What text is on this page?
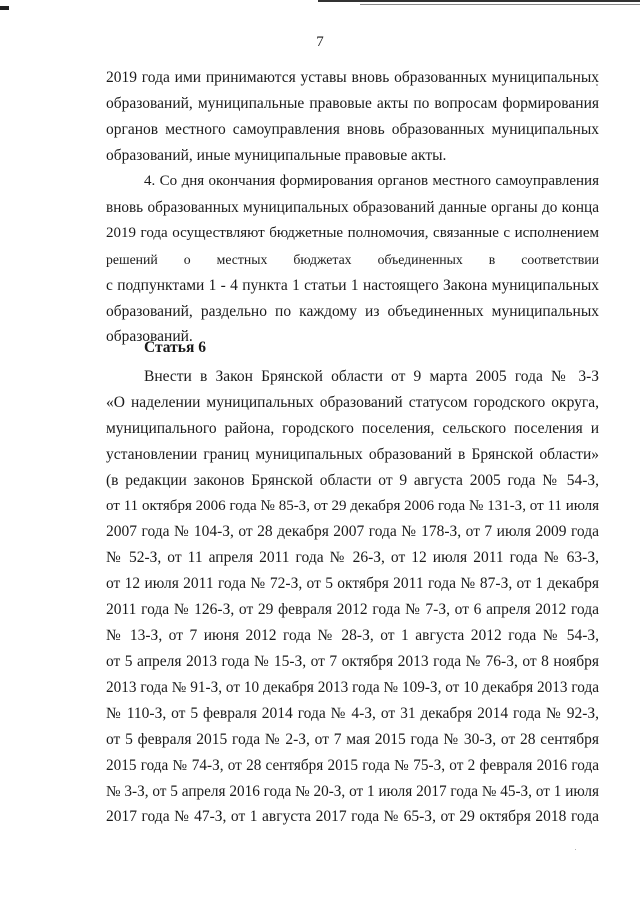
7
2019 года ими принимаются уставы вновь образованных муниципальных
образований, муниципальные правовые акты по вопросам формирования
органов местного самоуправления вновь образованных муниципальных
образований, иные муниципальные правовые акты.
4. Со дня окончания формирования органов местного самоуправления
вновь образованных муниципальных образований данные органы до конца
2019 года осуществляют бюджетные полномочия, связанные с исполнением
решений о местных бюджетах объединенных в соответствии
с подпунктами 1 - 4 пункта 1 статьи 1 настоящего Закона муниципальных
образований, раздельно по каждому из объединенных муниципальных
образований.
Статья 6
Внести в Закон Брянской области от 9 марта 2005 года № 3-З
«О наделении муниципальных образований статусом городского округа,
муниципального района, городского поселения, сельского поселения и
установлении границ муниципальных образований в Брянской области»
(в редакции законов Брянской области от 9 августа 2005 года № 54-З,
от 11 октября 2006 года № 85-З, от 29 декабря 2006 года № 131-З, от 11 июля
2007 года № 104-З, от 28 декабря 2007 года № 178-З, от 7 июля 2009 года
№ 52-З, от 11 апреля 2011 года № 26-З, от 12 июля 2011 года № 63-З,
от 12 июля 2011 года № 72-З, от 5 октября 2011 года № 87-З, от 1 декабря
2011 года № 126-З, от 29 февраля 2012 года № 7-З, от 6 апреля 2012 года
№ 13-З, от 7 июня 2012 года № 28-З, от 1 августа 2012 года № 54-З,
от 5 апреля 2013 года № 15-З, от 7 октября 2013 года № 76-З, от 8 ноября
2013 года № 91-З, от 10 декабря 2013 года № 109-З, от 10 декабря 2013 года
№ 110-З, от 5 февраля 2014 года № 4-З, от 31 декабря 2014 года № 92-З,
от 5 февраля 2015 года № 2-З, от 7 мая 2015 года № 30-З, от 28 сентября
2015 года № 74-З, от 28 сентября 2015 года № 75-З, от 2 февраля 2016 года
№ 3-З, от 5 апреля 2016 года № 20-З, от 1 июля 2017 года № 45-З, от 1 июля
2017 года № 47-З, от 1 августа 2017 года № 65-З, от 29 октября 2018 года
